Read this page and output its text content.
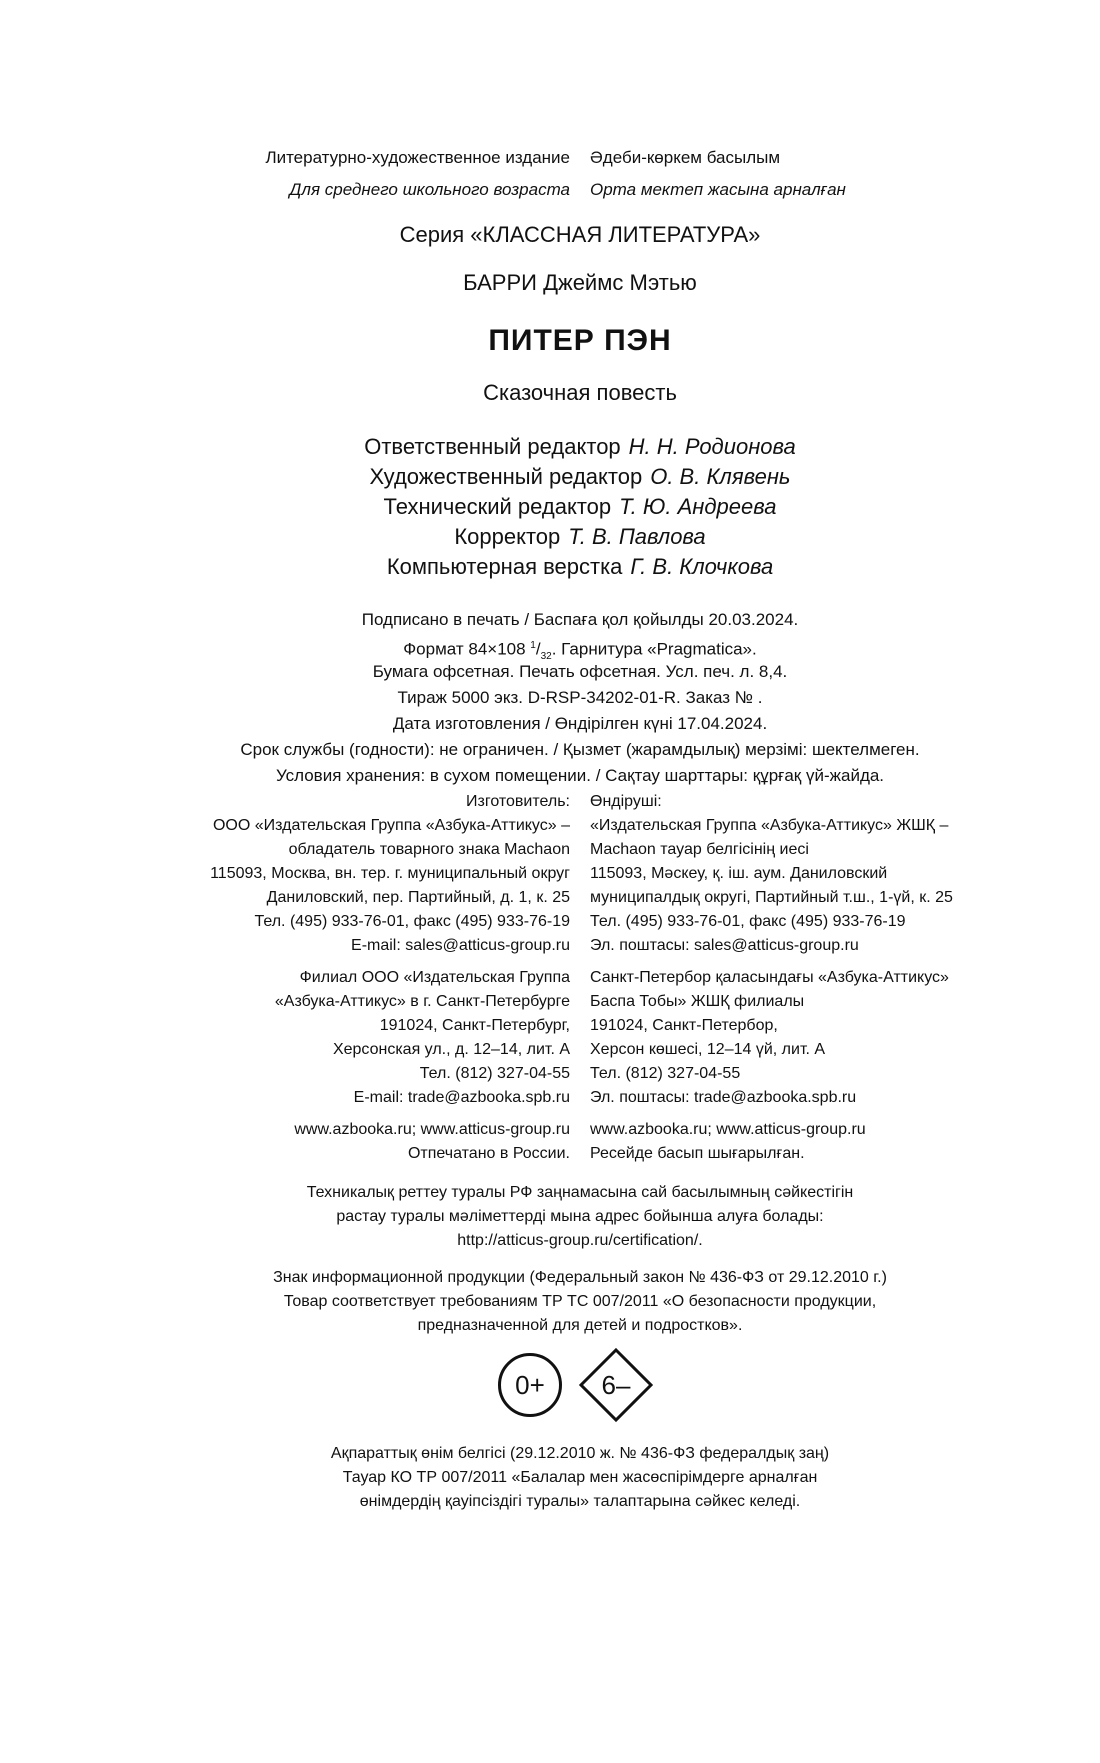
Литературно-художественное издание Әдеби-көркем басылым
Для среднего школьного возраста Орта мектеп жасына арналған
Серия «КЛАССНАЯ ЛИТЕРАТУРА»
БАРРИ Джеймс Мэтью
ПИТЕР ПЭН
Сказочная повесть
Ответственный редактор Н. Н. Родионова
Художественный редактор О. В. Клявень
Технический редактор Т. Ю. Андреева
Корректор Т. В. Павлова
Компьютерная верстка Г. В. Клочкова
Подписано в печать / Баспаға қол қойылды 20.03.2024.
Формат 84×108 $^1/_{32}$. Гарнитура «Pragmatica».
Бумага офсетная. Печать офсетная. Усл. печ. л. 8,4.
Тираж 5000 экз. D-RSP-34202-01-R. Заказ № .
Дата изготовления / Өндірілген күні 17.04.2024.
Срок службы (годности): не ограничен. / Қызмет (жарамдылық) мерзімі: шектелмеген.
Условия хранения: в сухом помещении. / Сақтау шарттары: құрғақ үй-жайда.
Изготовитель: Өндіруші:
ООО «Издательская Группа «Азбука-Аттикус» – «Издательская Группа «Азбука-Аттикус» ЖШҚ –
обладатель товарного знака Machaon Machaon тауар белгісінің иесі
115093, Москва, вн. тер. г. муниципальный округ 115093, Мәскеу, қ. іш. аум. Даниловский
Даниловский, пер. Партийный, д. 1, к. 25 муниципалдық округі, Партийный т.ш., 1-үй, к. 25
Тел. (495) 933-76-01, факс (495) 933-76-19 Тел. (495) 933-76-01, факс (495) 933-76-19
E-mail: sales@atticus-group.ru Эл. поштасы: sales@atticus-group.ru
Филиал ООО «Издательская Группа Санкт-Петербор қаласындағы «Азбука-Аттикус»
«Азбука-Аттикус» в г. Санкт-Петербурге Баспа Тобы» ЖШҚ филиалы
191024, Санкт-Петербург, 191024, Санкт-Петербор,
Херсонская ул., д. 12–14, лит. А Херсон көшесі, 12–14 үй, лит. А
Тел. (812) 327-04-55 Тел. (812) 327-04-55
E-mail: trade@azbooka.spb.ru Эл. поштасы: trade@azbooka.spb.ru
www.azbooka.ru; www.atticus-group.ru www.azbooka.ru; www.atticus-group.ru
Отпечатано в России. Ресейде басып шығарылған.
Техникалық реттеу туралы РФ заңнамасына сай басылымның сәйкестігін
растау туралы мәліметтерді мына адрес бойынша алуға болады:
http://atticus-group.ru/certification/.
Знак информационной продукции (Федеральный закон № 436-ФЗ от 29.12.2010 г.)
Товар соответствует требованиям ТР ТС 007/2011 «О безопасности продукции,
предназначенной для детей и подростков».
0+	6–
Ақпараттық өнім белгісі (29.12.2010 ж. № 436-ФЗ федералдық заң)
Тауар КО ТР 007/2011 «Балалар мен жасөспірімдерге арналған
өнімдердің қауіпсіздігі туралы» талаптарына сәйкес келеді.
